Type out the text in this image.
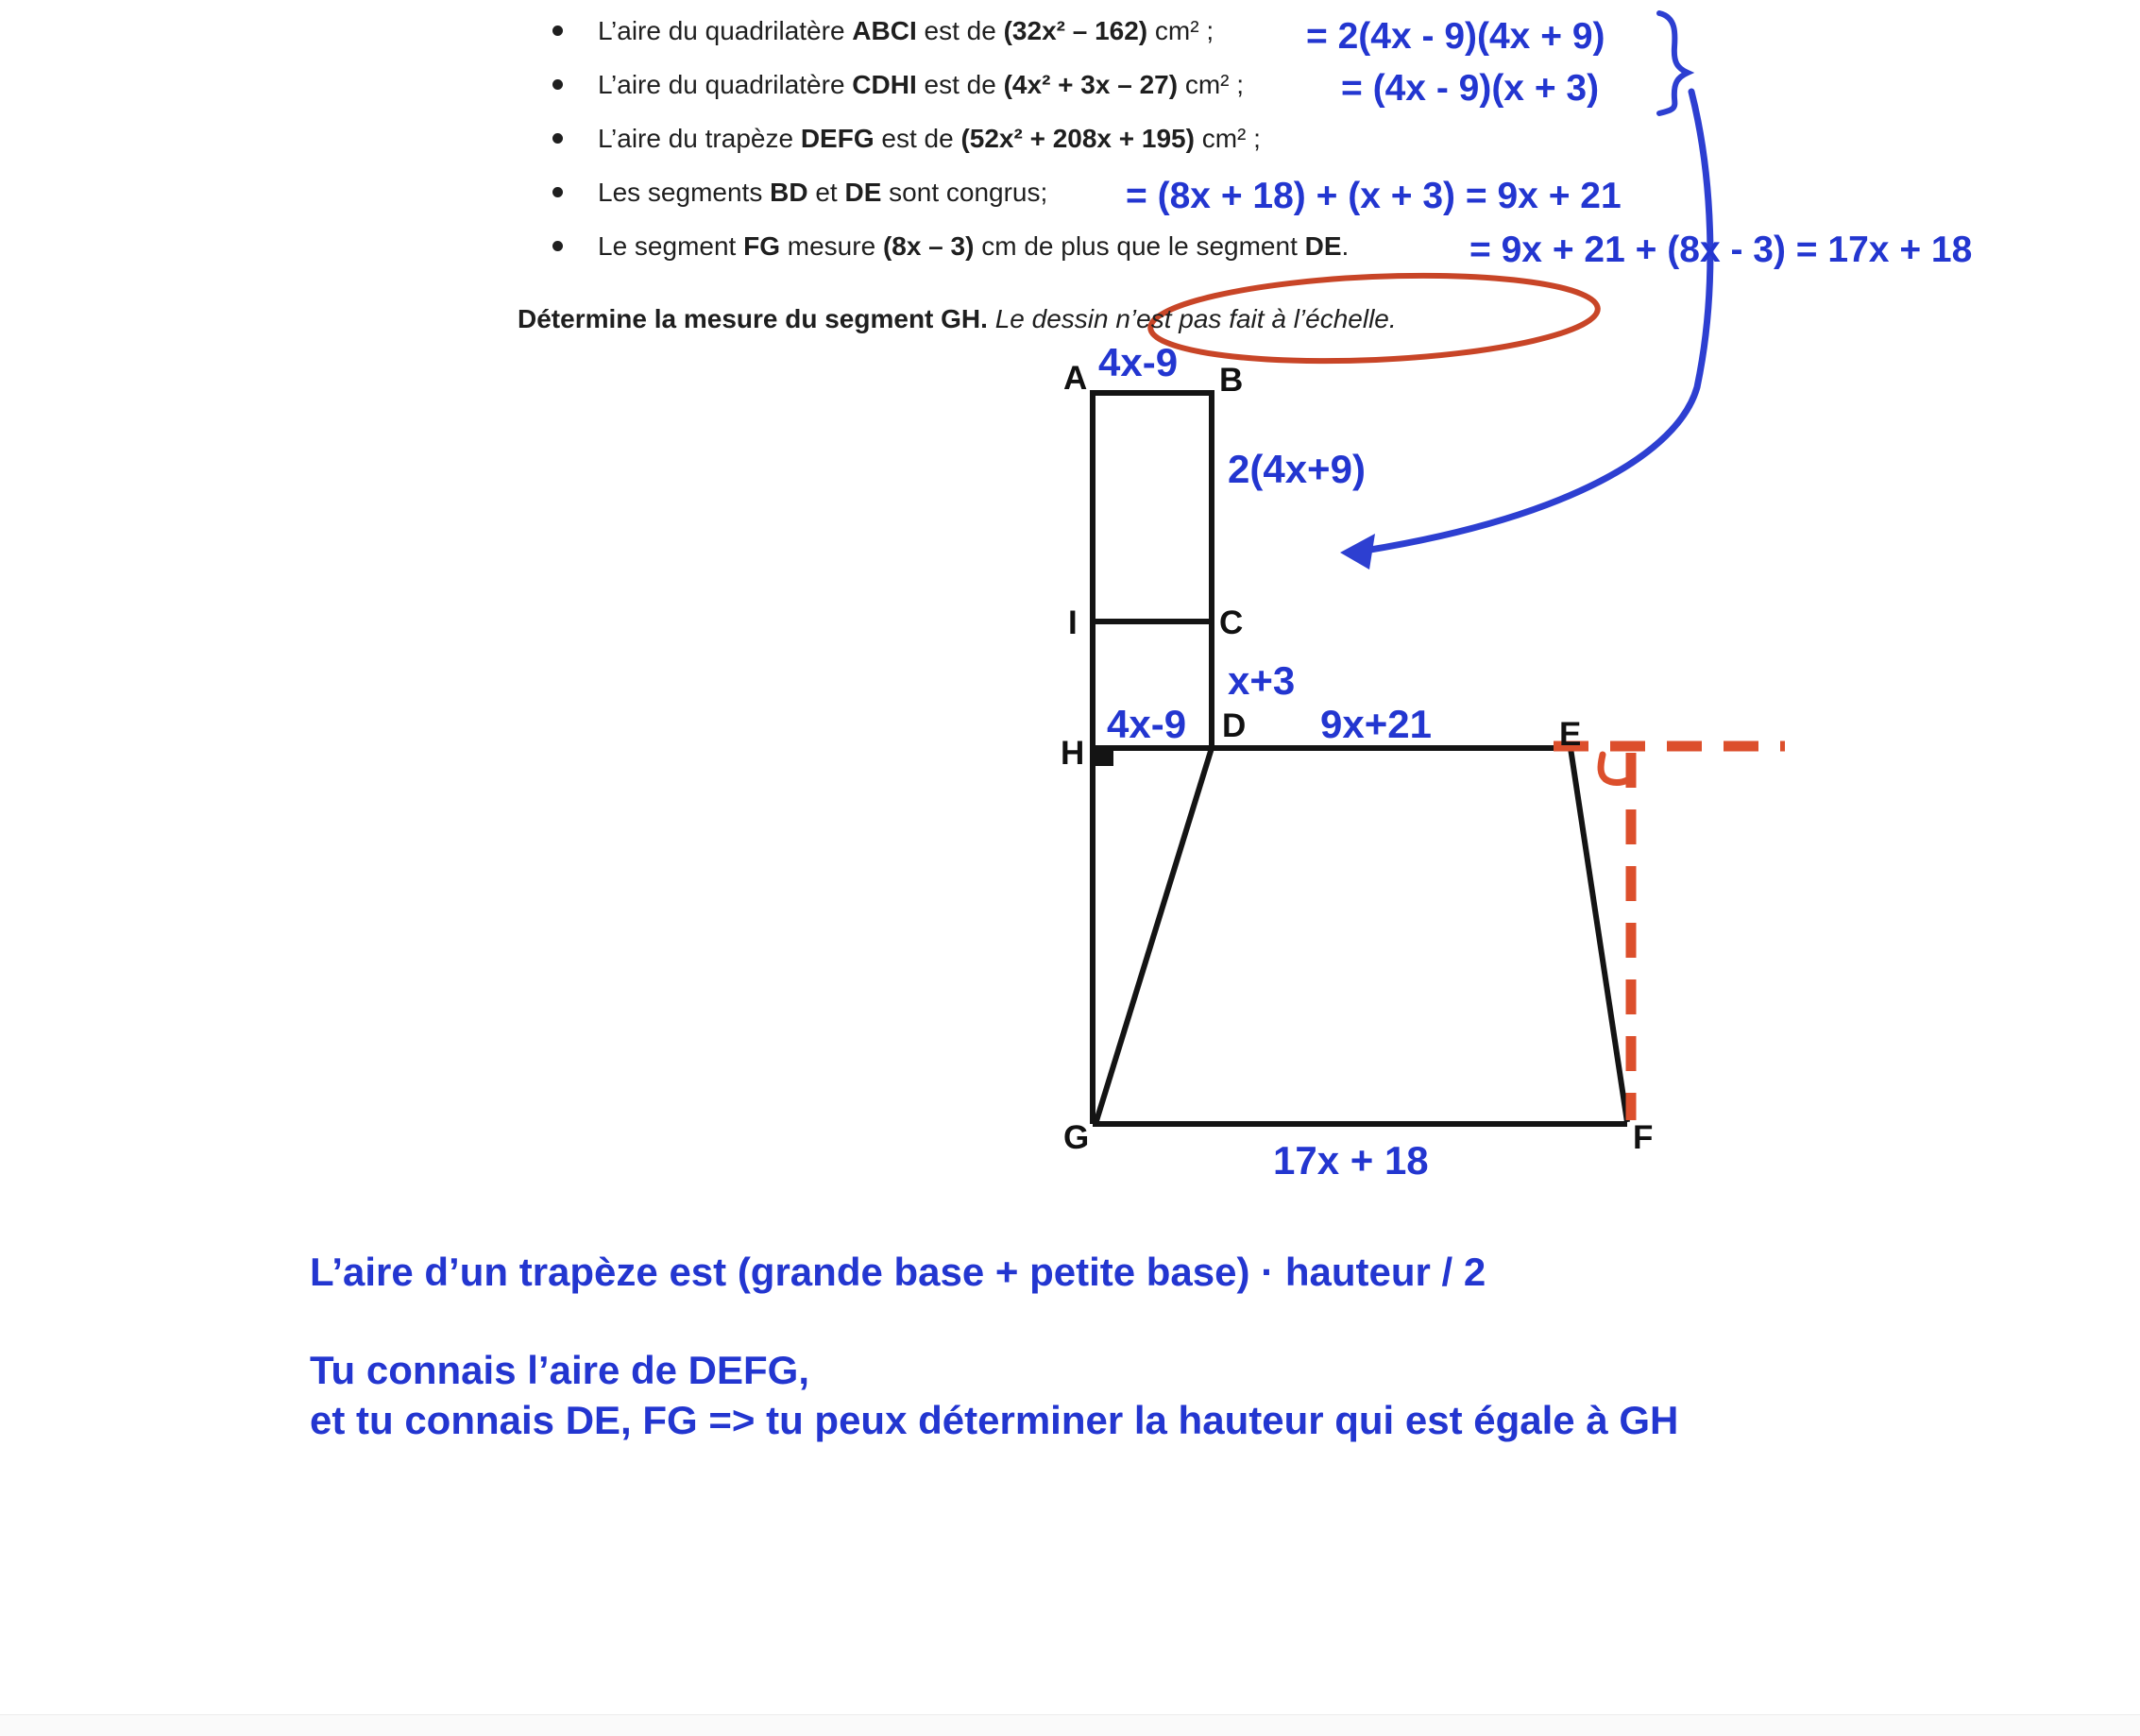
L’aire du quadrilatère ABCI est de (32x² – 162) cm² ;
L’aire du quadrilatère CDHI est de (4x² + 3x – 27) cm² ;
L’aire du trapèze DEFG est de (52x² + 208x + 195) cm² ;
Les segments BD et DE sont congrus;
Le segment FG mesure (8x – 3) cm de plus que le segment DE.
= 2(4x - 9)(4x + 9)
= (4x - 9)(x + 3)
= (8x + 18) + (x + 3) = 9x + 21
= 9x + 21 + (8x - 3) = 17x + 18
Détermine la mesure du segment GH. Le dessin n’est pas fait à l’échelle.
A	B
I	C
D
H
E
G	F
4x-9
2(4x+9)
x+3
4x-9	9x+21
17x + 18
L’aire d’un trapèze est (grande base + petite base) · hauteur / 2
Tu connais l’aire de DEFG,
et tu connais DE, FG => tu peux déterminer la hauteur qui est égale à GH
